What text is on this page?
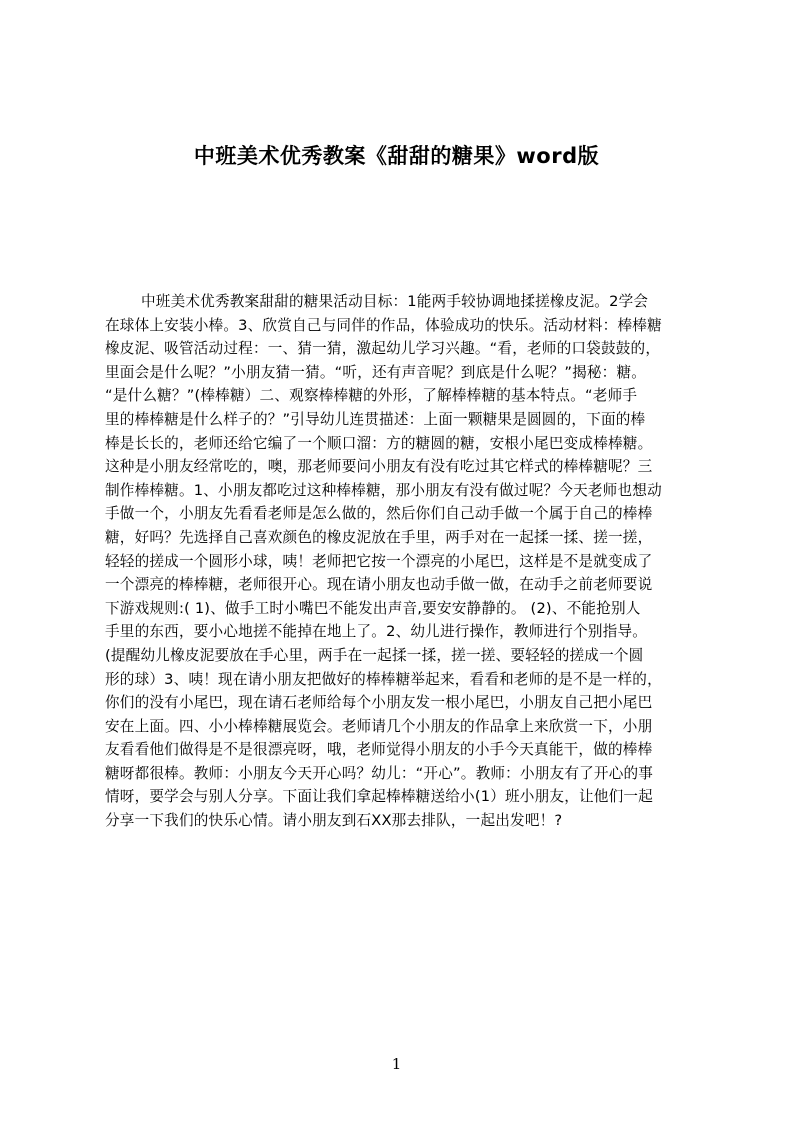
中班美术优秀教案《甜甜的糖果》word版
中班美术优秀教案甜甜的糖果活动目标：1能两手较协调地揉搓橡皮泥。2学会
在球体上安装小棒。3、欣赏自己与同伴的作品，体验成功的快乐。活动材料：棒棒糖
橡皮泥、吸管活动过程：一、猜一猜，激起幼儿学习兴趣。“看，老师的口袋鼓鼓的，
里面会是什么呢？”小朋友猜一猜。“听，还有声音呢？到底是什么呢？”揭秘：糖。
“是什么糖？”(棒棒糖）二、观察棒棒糖的外形，了解棒棒糖的基本特点。“老师手
里的棒棒糖是什么样子的？”引导幼儿连贯描述：上面一颗糖果是圆圆的，下面的棒
棒是长长的，老师还给它编了一个顺口溜：方的糖圆的糖，安根小尾巴变成棒棒糖。
这种是小朋友经常吃的，噢，那老师要问小朋友有没有吃过其它样式的棒棒糖呢？三
制作棒棒糖。1、小朋友都吃过这种棒棒糖，那小朋友有没有做过呢？今天老师也想动
手做一个，小朋友先看看老师是怎么做的，然后你们自己动手做一个属于自己的棒棒
糖，好吗？先选择自己喜欢颜色的橡皮泥放在手里，两手对在一起揉一揉、搓一搓，
轻轻的搓成一个圆形小球，咦！老师把它按一个漂亮的小尾巴，这样是不是就变成了
一个漂亮的棒棒糖，老师很开心。现在请小朋友也动手做一做，在动手之前老师要说
下游戏规则:( 1)、做手工时小嘴巴不能发出声音,要安安静静的。 (2)、不能抢别人
手里的东西，要小心地搓不能掉在地上了。2、幼儿进行操作，教师进行个别指导。
(提醒幼儿橡皮泥要放在手心里，两手在一起揉一揉，搓一搓、要轻轻的搓成一个圆
形的球）3、咦！现在请小朋友把做好的棒棒糖举起来，看看和老师的是不是一样的，
你们的没有小尾巴，现在请石老师给每个小朋友发一根小尾巴，小朋友自己把小尾巴
安在上面。四、小小棒棒糖展览会。老师请几个小朋友的作品拿上来欣赏一下，小朋
友看看他们做得是不是很漂亮呀，哦，老师觉得小朋友的小手今天真能干，做的棒棒
糖呀都很棒。教师：小朋友今天开心吗？幼儿：“开心”。教师：小朋友有了开心的事
情呀，要学会与别人分享。下面让我们拿起棒棒糖送给小(1）班小朋友，让他们一起
分享一下我们的快乐心情。请小朋友到石XX那去排队，一起出发吧！?
1
